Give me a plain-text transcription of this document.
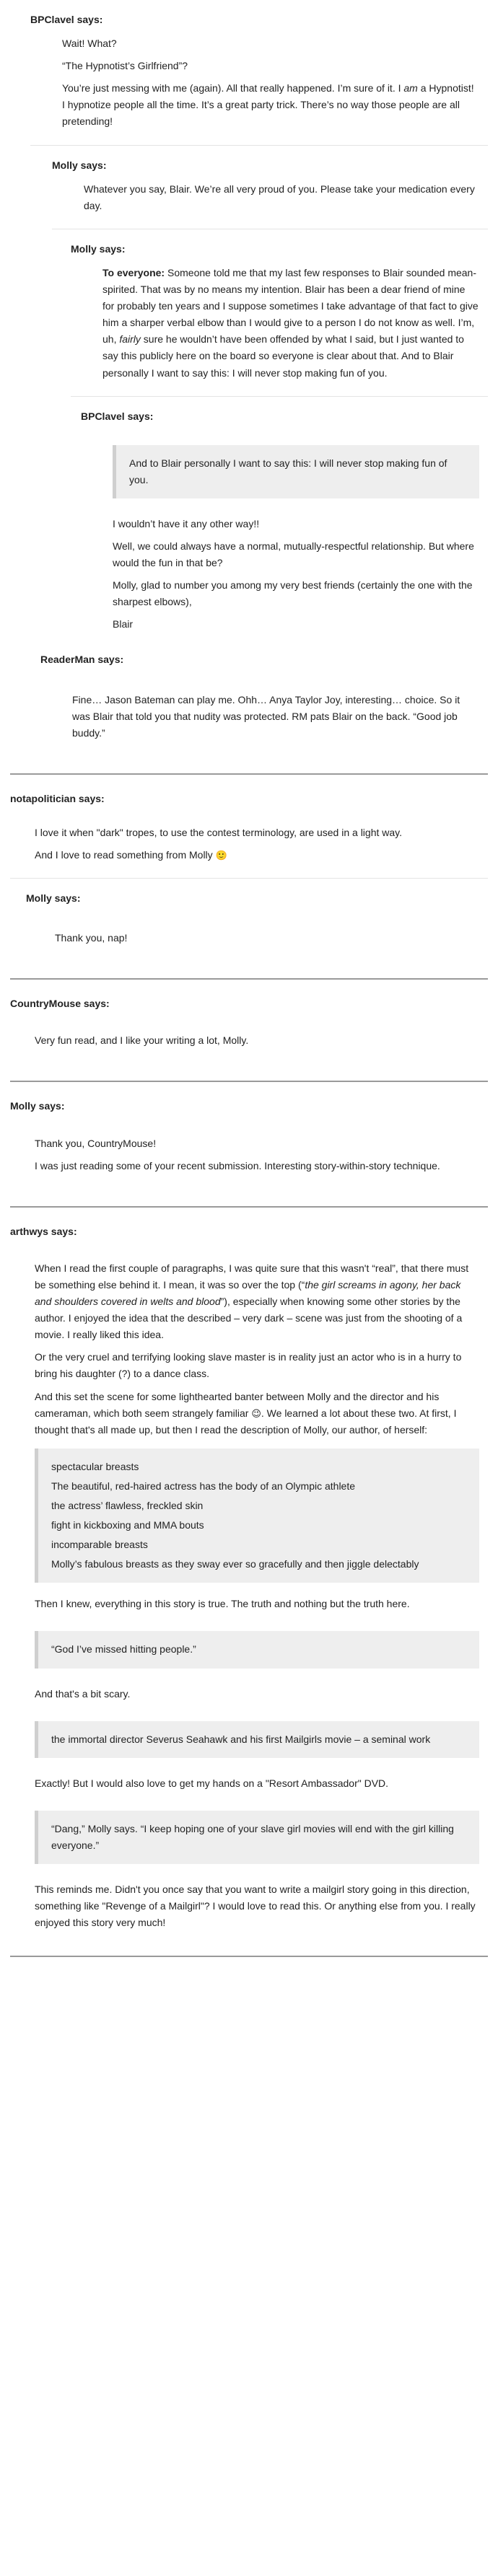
BPClavel says:

Wait! What?

“The Hypnotist’s Girlfriend”?

You’re just messing with me (again). All that really happened. I’m sure of it. I am a Hypnotist! I hypnotize people all the time. It’s a great party trick. There’s no way those people are all pretending!

Molly says:

Whatever you say, Blair. We’re all very proud of you. Please take your medication every day.

Molly says:

To everyone: Someone told me that my last few responses to Blair sounded mean-spirited. That was by no means my intention. Blair has been a dear friend of mine for probably ten years and I suppose sometimes I take advantage of that fact to give him a sharper verbal elbow than I would give to a person I do not know as well. I’m, uh, fairly sure he wouldn’t have been offended by what I said, but I just wanted to say this publicly here on the board so everyone is clear about that. And to Blair personally I want to say this: I will never stop making fun of you.

BPClavel says:

And to Blair personally I want to say this: I will never stop making fun of you.

I wouldn’t have it any other way!!

Well, we could always have a normal, mutually-respectful relationship. But where would the fun in that be?

Molly, glad to number you among my very best friends (certainly the one with the sharpest elbows),

Blair

ReaderMan says:

Fine… Jason Bateman can play me. Ohh… Anya Taylor Joy, interesting… choice. So it was Blair that told you that nudity was protected. RM pats Blair on the back. “Good job buddy.”

notapolitician says:

I love it when "dark" tropes, to use the contest terminology, are used in a light way.

And I love to read something from Molly 🙂

Molly says:

Thank you, nap!

CountryMouse says:

Very fun read, and I like your writing a lot, Molly.

Molly says:

Thank you, CountryMouse!

I was just reading some of your recent submission. Interesting story-within-story technique.

arthwys says:

When I read the first couple of paragraphs, I was quite sure that this wasn't “real”, that there must be something else behind it. I mean, it was so over the top (“the girl screams in agony, her back and shoulders covered in welts and blood”), especially when knowing some other stories by the author. I enjoyed the idea that the described – very dark – scene was just from the shooting of a movie. I really liked this idea.

Or the very cruel and terrifying looking slave master is in reality just an actor who is in a hurry to bring his daughter (?) to a dance class.

And this set the scene for some lighthearted banter between Molly and the director and his cameraman, which both seem strangely familiar 😉. We learned a lot about these two. At first, I thought that's all made up, but then I read the description of Molly, our author, of herself:

spectacular breasts

The beautiful, red-haired actress has the body of an Olympic athlete

the actress’ flawless, freckled skin

fight in kickboxing and MMA bouts

incomparable breasts

Molly’s fabulous breasts as they sway ever so gracefully and then jiggle delectably

Then I knew, everything in this story is true. The truth and nothing but the truth here.

“God I’ve missed hitting people.”

And that's a bit scary.

the immortal director Severus Seahawk and his first Mailgirls movie – a seminal work

Exactly! But I would also love to get my hands on a "Resort Ambassador" DVD.

“Dang,” Molly says. “I keep hoping one of your slave girl movies will end with the girl killing everyone.”

This reminds me. Didn't you once say that you want to write a mailgirl story going in this direction, something like "Revenge of a Mailgirl"? I would love to read this. Or anything else from you. I really enjoyed this story very much!
